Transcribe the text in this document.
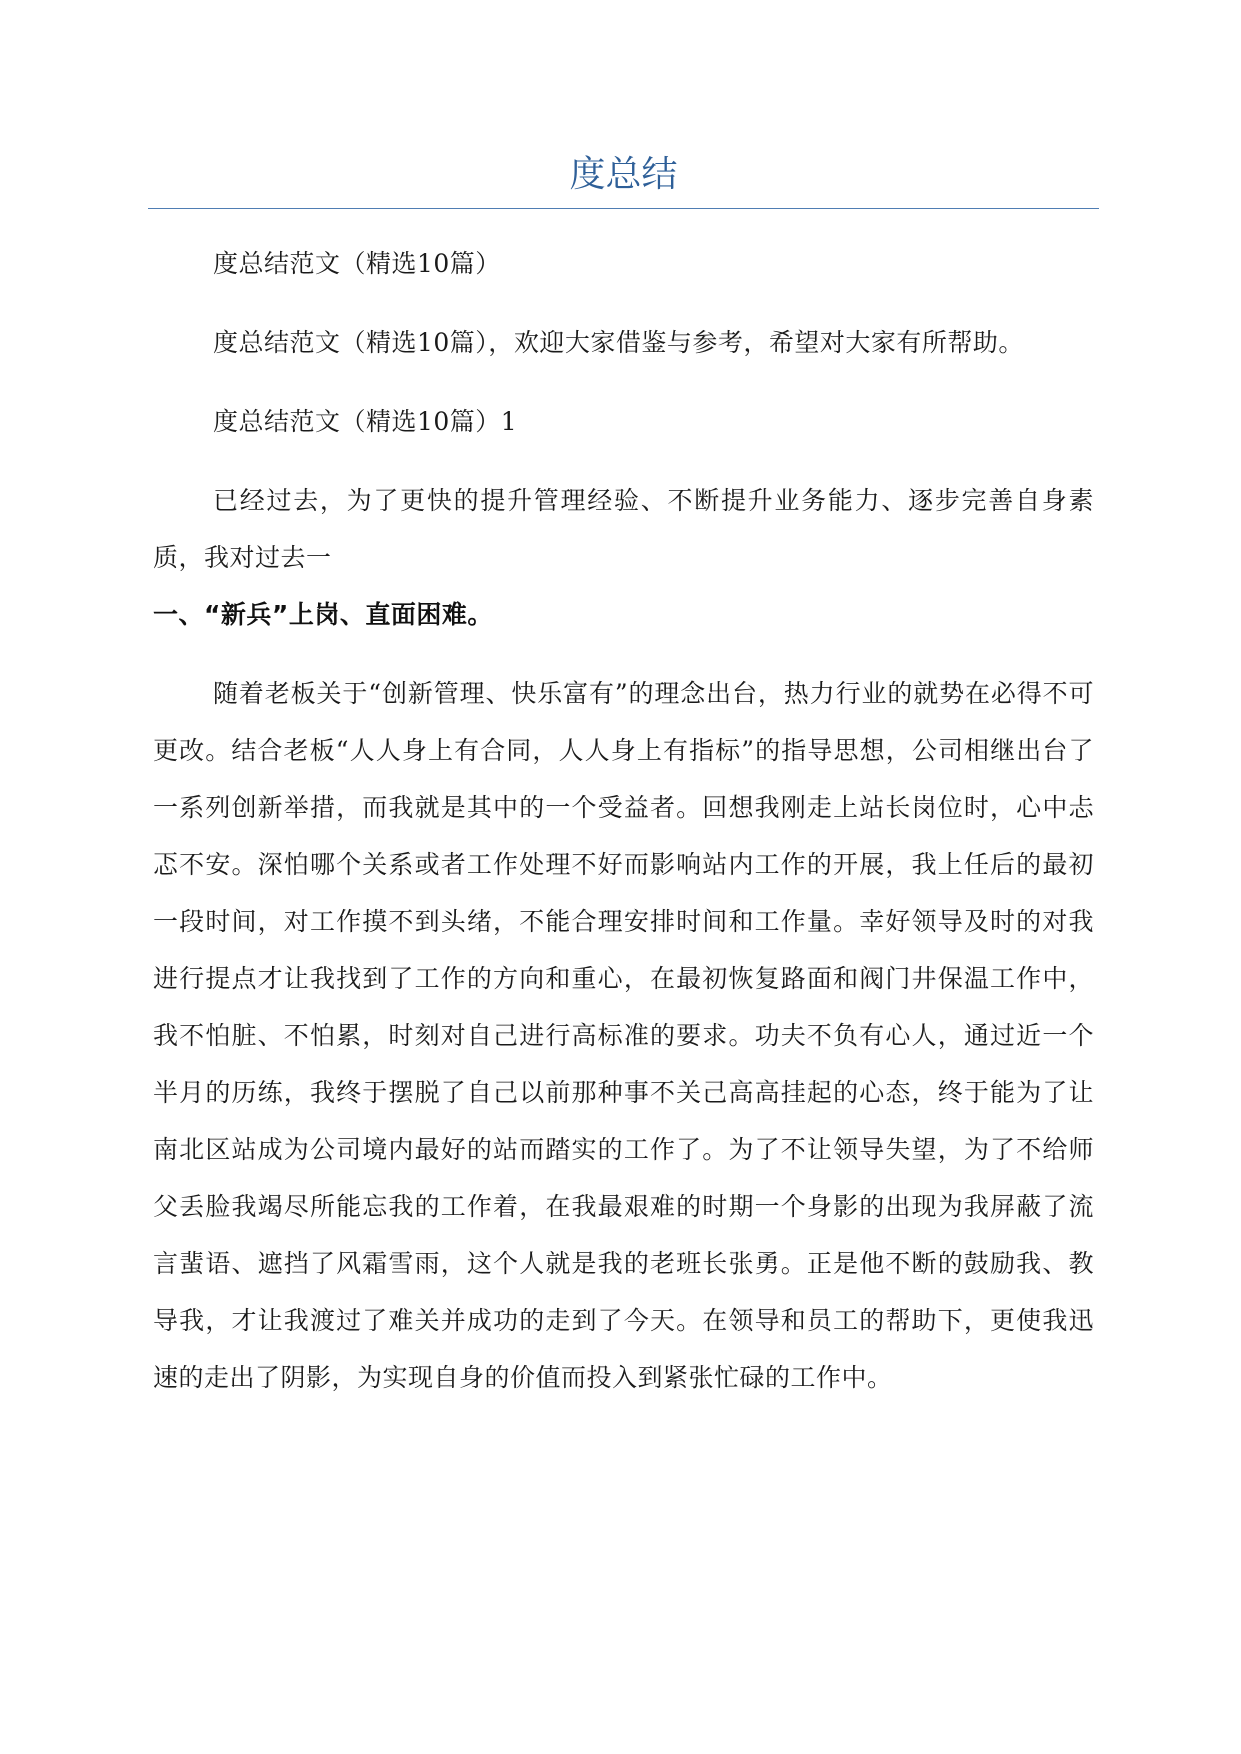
度总结

度总结范文（精选10篇）

度总结范文（精选10篇），欢迎大家借鉴与参考，希望对大家有所帮助。

度总结范文（精选10篇）1

已经过去，为了更快的提升管理经验、不断提升业务能力、逐步完善自身素质，我对过去一

一、“新兵”上岗、直面困难。

随着老板关于“创新管理、快乐富有”的理念出台，热力行业的就势在必得不可更改。结合老板“人人身上有合同，人人身上有指标”的指导思想，公司相继出台了一系列创新举措，而我就是其中的一个受益者。回想我刚走上站长岗位时，心中忐忑不安。深怕哪个关系或者工作处理不好而影响站内工作的开展，我上任后的最初一段时间，对工作摸不到头绪，不能合理安排时间和工作量。幸好领导及时的对我进行提点才让我找到了工作的方向和重心，在最初恢复路面和阀门井保温工作中，我不怕脏、不怕累，时刻对自己进行高标准的要求。功夫不负有心人，通过近一个半月的历练，我终于摆脱了自己以前那种事不关己高高挂起的心态，终于能为了让南北区站成为公司境内最好的站而踏实的工作了。为了不让领导失望，为了不给师父丢脸我竭尽所能忘我的工作着，在我最艰难的时期一个身影的出现为我屏蔽了流言蜚语、遮挡了风霜雪雨，这个人就是我的老班长张勇。正是他不断的鼓励我、教导我，才让我渡过了难关并成功的走到了今天。在领导和员工的帮助下，更使我迅速的走出了阴影，为实现自身的价值而投入到紧张忙碌的工作中。
